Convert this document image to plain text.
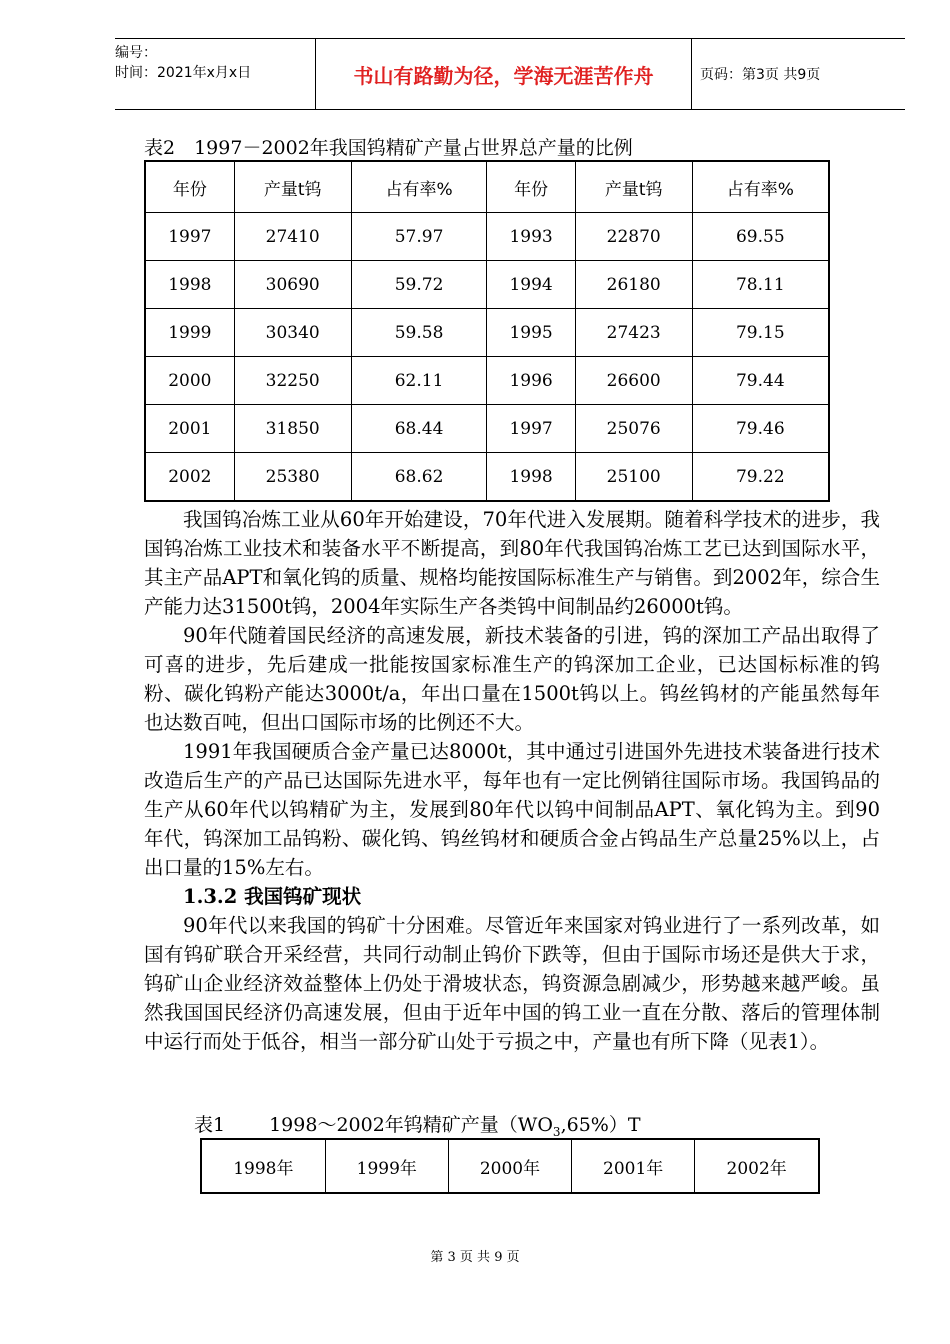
编号：
时间：2021年x月x日	书山有路勤为径，学海无涯苦作舟	页码：第3页 共9页
表2　1997－2002年我国钨精矿产量占世界总产量的比例
年份	产量t钨	占有率%	年份	产量t钨	占有率%
1997	27410	57.97	1993	22870	69.55
1998	30690	59.72	1994	26180	78.11
1999	30340	59.58	1995	27423	79.15
2000	32250	62.11	1996	26600	79.44
2001	31850	68.44	1997	25076	79.46
2002	25380	68.62	1998	25100	79.22

我国钨冶炼工业从60年开始建设，70年代进入发展期。随着科学技术的进步，我国钨冶炼工业技术和装备水平不断提高，到80年代我国钨冶炼工艺已达到国际水平，其主产品APT和氧化钨的质量、规格均能按国际标准生产与销售。到2002年，综合生产能力达31500t钨，2004年实际生产各类钨中间制品约26000t钨。

90年代随着国民经济的高速发展，新技术装备的引进，钨的深加工产品出取得了可喜的进步，先后建成一批能按国家标准生产的钨深加工企业，已达国标标准的钨粉、碳化钨粉产能达3000t/a，年出口量在1500t钨以上。钨丝钨材的产能虽然每年也达数百吨，但出口国际市场的比例还不大。

1991年我国硬质合金产量已达8000t，其中通过引进国外先进技术装备进行技术改造后生产的产品已达国际先进水平，每年也有一定比例销往国际市场。我国钨品的生产从60年代以钨精矿为主，发展到80年代以钨中间制品APT、氧化钨为主。到90年代，钨深加工品钨粉、碳化钨、钨丝钨材和硬质合金占钨品生产总量25%以上，占出口量的15%左右。

1.3.2 我国钨矿现状

90年代以来我国的钨矿十分困难。尽管近年来国家对钨业进行了一系列改革，如国有钨矿联合开采经营，共同行动制止钨价下跌等，但由于国际市场还是供大于求，钨矿山企业经济效益整体上仍处于滑坡状态，钨资源急剧减少，形势越来越严峻。虽然我国国民经济仍高速发展，但由于近年中国的钨工业一直在分散、落后的管理体制中运行而处于低谷，相当一部分矿山处于亏损之中，产量也有所下降（见表1）。

表1 1998～2002年钨精矿产量$(WO_3,65\%)T$
1998年	1999年	2000年	2001年	2002年
第 3 页 共 9 页
